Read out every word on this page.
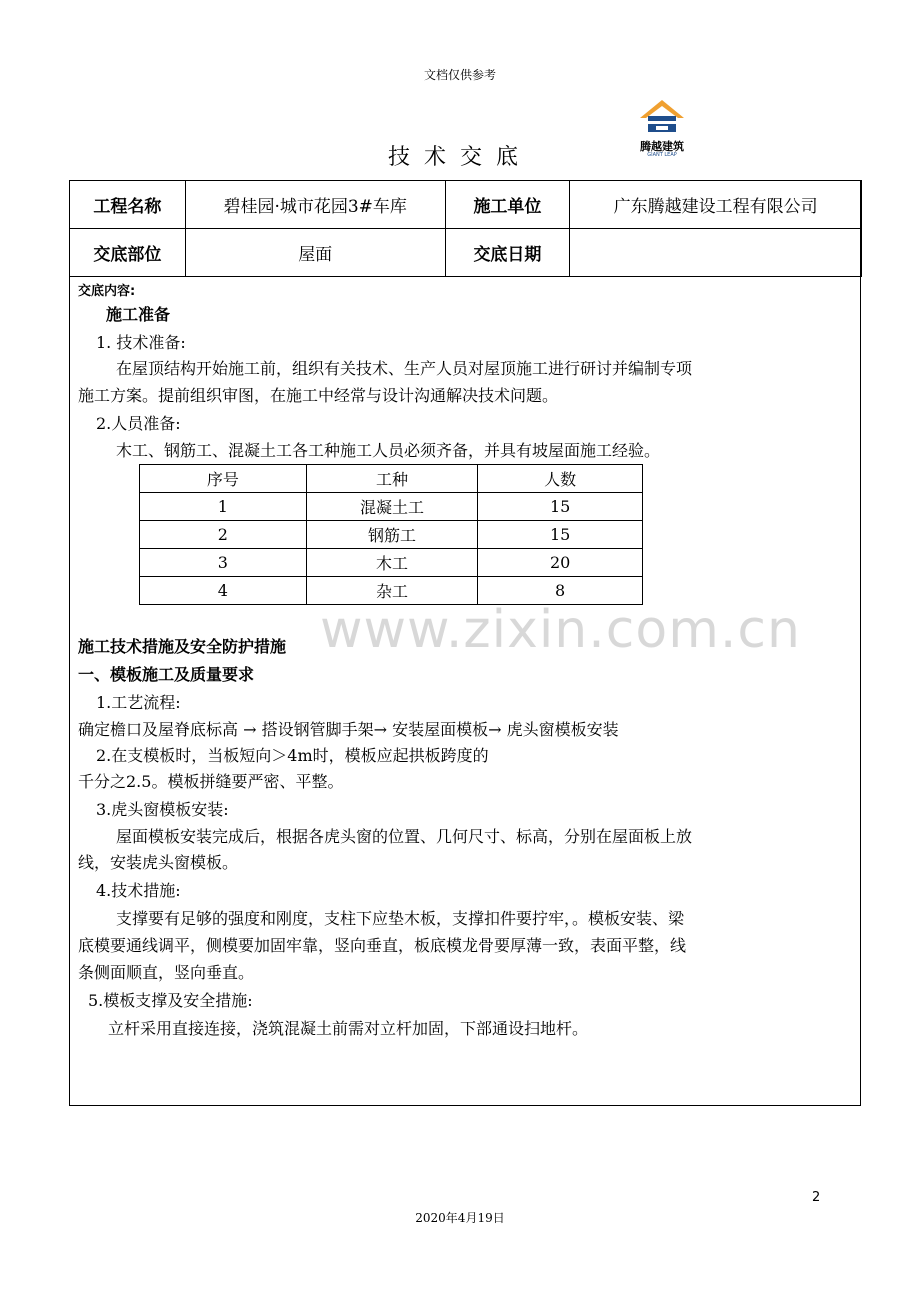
文档仅供参考
腾越建筑
GIANT LEAP
技术交底
工程名称	碧桂园·城市花园3#车库	施工单位	广东腾越建设工程有限公司
交底部位	屋面	交底日期	
交底内容:
施工准备
1. 技术准备:
在屋顶结构开始施工前，组织有关技术、生产人员对屋顶施工进行研讨并编制专项
施工方案。提前组织审图，在施工中经常与设计沟通解决技术问题。
2.人员准备:
木工、钢筋工、混凝土工各工种施工人员必须齐备，并具有坡屋面施工经验。
施工技术措施及安全防护措施
一、模板施工及质量要求
1.工艺流程:
确定檐口及屋脊底标高 → 搭设钢管脚手架→ 安装屋面模板→ 虎头窗模板安装
2.在支模板时，当板短向＞4m时，模板应起拱板跨度的
千分之2.5。模板拼缝要严密、平整。
3.虎头窗模板安装:
屋面模板安装完成后，根据各虎头窗的位置、几何尺寸、标高，分别在屋面板上放
线，安装虎头窗模板。
4.技术措施:
支撑要有足够的强度和刚度，支柱下应垫木板，支撑扣件要拧牢，。模板安装、梁
底模要通线调平，侧模要加固牢靠，竖向垂直，板底模龙骨要厚薄一致，表面平整，线
条侧面顺直，竖向垂直。
5.模板支撑及安全措施:
立杆采用直接连接，浇筑混凝土前需对立杆加固，下部通设扫地杆。
序号	工种	人数
1	混凝土工	15
2	钢筋工	15
3	木工	20
4	杂工	8
www.zixin.com.cn
2
2020年4月19日
